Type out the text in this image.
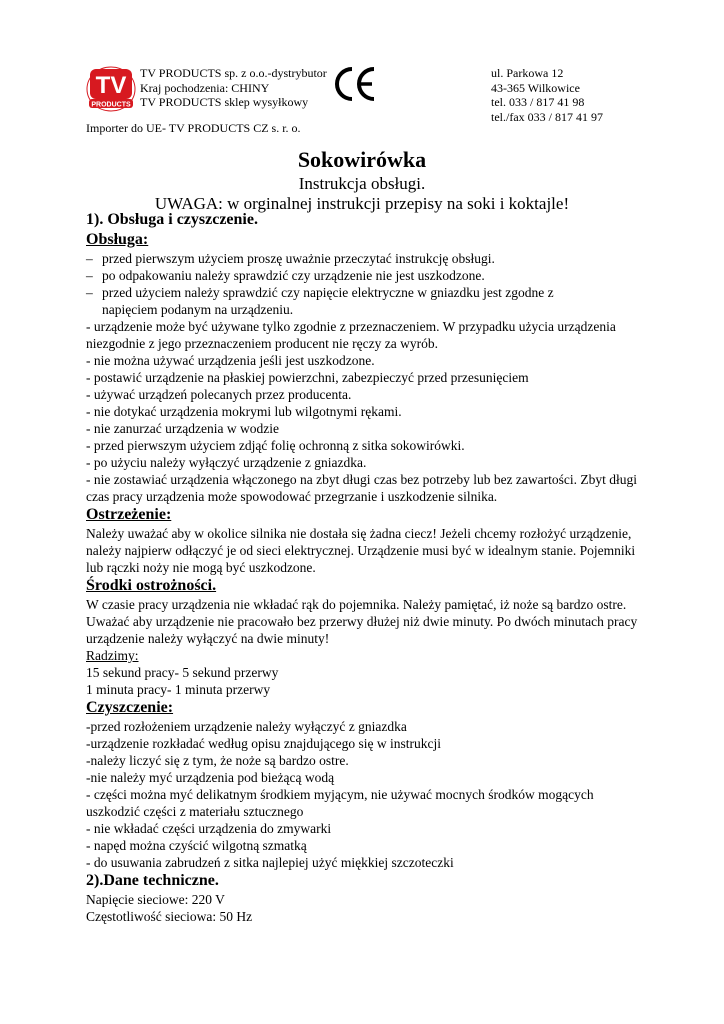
TV
PRODUCTS
TV PRODUCTS sp. z o.o.-dystrybutor
Kraj pochodzenia: CHINY
TV PRODUCTS sklep wysyłkowy
ul. Parkowa 12
43-365 Wilkowice
tel. 033 / 817 41 98
tel./fax 033 / 817 41 97
Importer do UE- TV PRODUCTS CZ s. r. o.
Sokowirówka
Instrukcja obsługi.
UWAGA: w orginalnej instrukcji przepisy na soki i koktajle!
1). Obsługa i czyszczenie.
Obsługa:
– przed pierwszym użyciem proszę uważnie przeczytać instrukcję obsługi.
– po odpakowaniu należy sprawdzić czy urządzenie nie jest uszkodzone.
– przed użyciem należy sprawdzić czy napięcie elektryczne w gniazdku jest zgodne z napięciem podanym na urządzeniu.
- urządzenie może być używane tylko zgodnie z przeznaczeniem. W przypadku użycia urządzenia niezgodnie z jego przeznaczeniem producent nie ręczy za wyrób.
- nie można używać urządzenia jeśli jest uszkodzone.
- postawić urządzenie na płaskiej powierzchni, zabezpieczyć przed przesunięciem
- używać urządzeń polecanych przez producenta.
- nie dotykać urządzenia mokrymi lub wilgotnymi rękami.
- nie zanurzać urządzenia w wodzie
- przed pierwszym użyciem zdjąć folię ochronną z sitka sokowirówki.
- po użyciu należy wyłączyć urządzenie z gniazdka.
- nie zostawiać urządzenia włączonego na zbyt długi czas bez potrzeby lub bez zawartości. Zbyt długi czas pracy urządzenia może spowodować przegrzanie i uszkodzenie silnika.
Ostrzeżenie:
Należy uważać aby w okolice silnika nie dostała się żadna ciecz! Jeżeli chcemy rozłożyć urządzenie, należy najpierw odłączyć je od sieci elektrycznej. Urządzenie musi być w idealnym stanie. Pojemniki lub rączki noży nie mogą być uszkodzone.
Środki ostrożności.
W czasie pracy urządzenia nie wkładać rąk do pojemnika. Należy pamiętać, iż noże są bardzo ostre.
Uważać aby urządzenie nie pracowało bez przerwy dłużej niż dwie minuty. Po dwóch minutach pracy urządzenie należy wyłączyć na dwie minuty!
Radzimy:
15 sekund pracy- 5 sekund przerwy
1 minuta pracy- 1 minuta przerwy
Czyszczenie:
-przed rozłożeniem urządzenie należy wyłączyć z gniazdka
-urządzenie rozkładać według opisu znajdującego się w instrukcji
-należy liczyć się z tym, że noże są bardzo ostre.
-nie należy myć urządzenia pod bieżącą wodą
- części można myć delikatnym środkiem myjącym, nie używać mocnych środków mogących uszkodzić części z materiału sztucznego
- nie wkładać części urządzenia do zmywarki
- napęd można czyścić wilgotną szmatką
- do usuwania zabrudzeń z sitka najlepiej użyć miękkiej szczoteczki
2).Dane techniczne.
Napięcie sieciowe: 220 V
Częstotliwość sieciowa: 50 Hz
